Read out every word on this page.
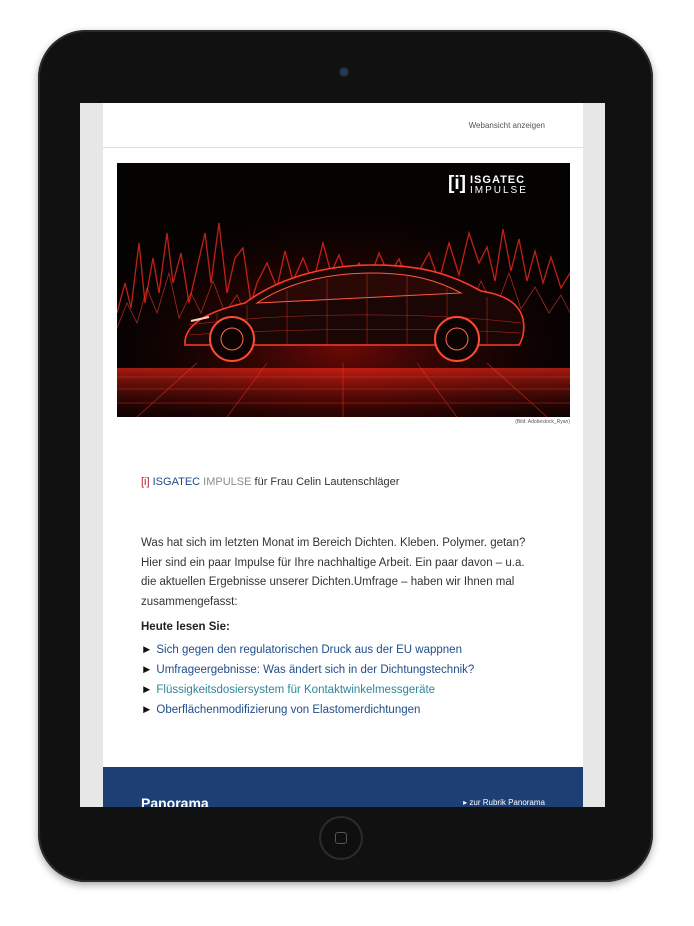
Webansicht anzeigen
[i] ISGATEC
IMPULSE
(Bild: Adobestock_Ryan)
[i] ISGATEC IMPULSE für Frau Celin Lautenschläger
Was hat sich im letzten Monat im Bereich Dichten. Kleben. Polymer. getan?
Hier sind ein paar Impulse für Ihre nachhaltige Arbeit. Ein paar davon – u.a.
die aktuellen Ergebnisse unserer Dichten.Umfrage – haben wir Ihnen mal
zusammengefasst:
Heute lesen Sie:
► Sich gegen den regulatorischen Druck aus der EU wappnen
► Umfrageergebnisse: Was ändert sich in der Dichtungstechnik?
► Flüssigkeitsdosiersystem für Kontaktwinkelmessgeräte
► Oberflächenmodifizierung von Elastomerdichtungen
Panorama	▸ zur Rubrik Panorama
